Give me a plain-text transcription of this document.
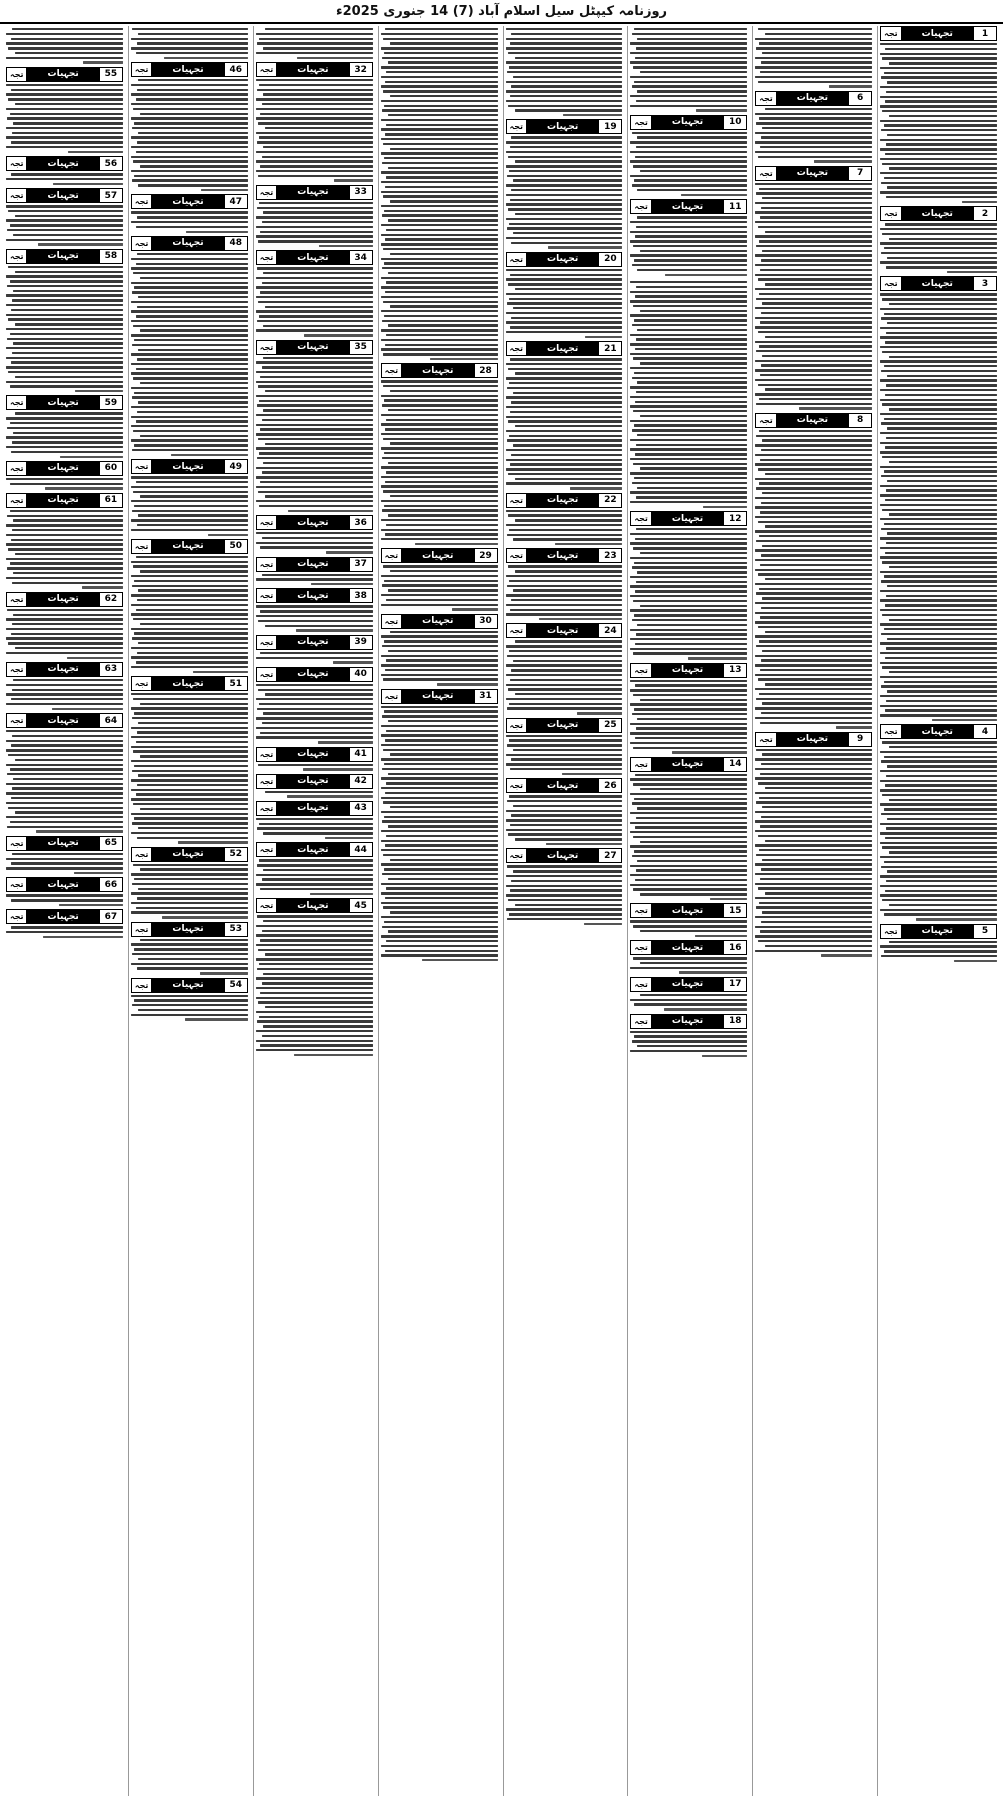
روزنامہ کیپٹل سیل اسلام آباد (7) 14 جنوری 2025ء
1
تجہیات
تجہ
2
تجہیات
تجہ
3
تجہیات
تجہ
4
تجہیات
تجہ
5
تجہیات
تجہ
6
تجہیات
تجہ
7
تجہیات
تجہ
8
تجہیات
تجہ
9
تجہیات
تجہ
10
تجہیات
تجہ
11
تجہیات
تجہ
12
تجہیات
تجہ
13
تجہیات
تجہ
14
تجہیات
تجہ
15
تجہیات
تجہ
16
تجہیات
تجہ
17
تجہیات
تجہ
18
تجہیات
تجہ
19
تجہیات
تجہ
20
تجہیات
تجہ
21
تجہیات
تجہ
22
تجہیات
تجہ
23
تجہیات
تجہ
24
تجہیات
تجہ
25
تجہیات
تجہ
26
تجہیات
تجہ
27
تجہیات
تجہ
28
تجہیات
تجہ
29
تجہیات
تجہ
30
تجہیات
تجہ
31
تجہیات
تجہ
32
تجہیات
تجہ
33
تجہیات
تجہ
34
تجہیات
تجہ
35
تجہیات
تجہ
36
تجہیات
تجہ
37
تجہیات
تجہ
38
تجہیات
تجہ
39
تجہیات
تجہ
40
تجہیات
تجہ
41
تجہیات
تجہ
42
تجہیات
تجہ
43
تجہیات
تجہ
44
تجہیات
تجہ
45
تجہیات
تجہ
46
تجہیات
تجہ
47
تجہیات
تجہ
48
تجہیات
تجہ
49
تجہیات
تجہ
50
تجہیات
تجہ
51
تجہیات
تجہ
52
تجہیات
تجہ
53
تجہیات
تجہ
54
تجہیات
تجہ
55
تجہیات
تجہ
56
تجہیات
تجہ
57
تجہیات
تجہ
58
تجہیات
تجہ
59
تجہیات
تجہ
60
تجہیات
تجہ
61
تجہیات
تجہ
62
تجہیات
تجہ
63
تجہیات
تجہ
64
تجہیات
تجہ
65
تجہیات
تجہ
66
تجہیات
تجہ
67
تجہیات
تجہ
